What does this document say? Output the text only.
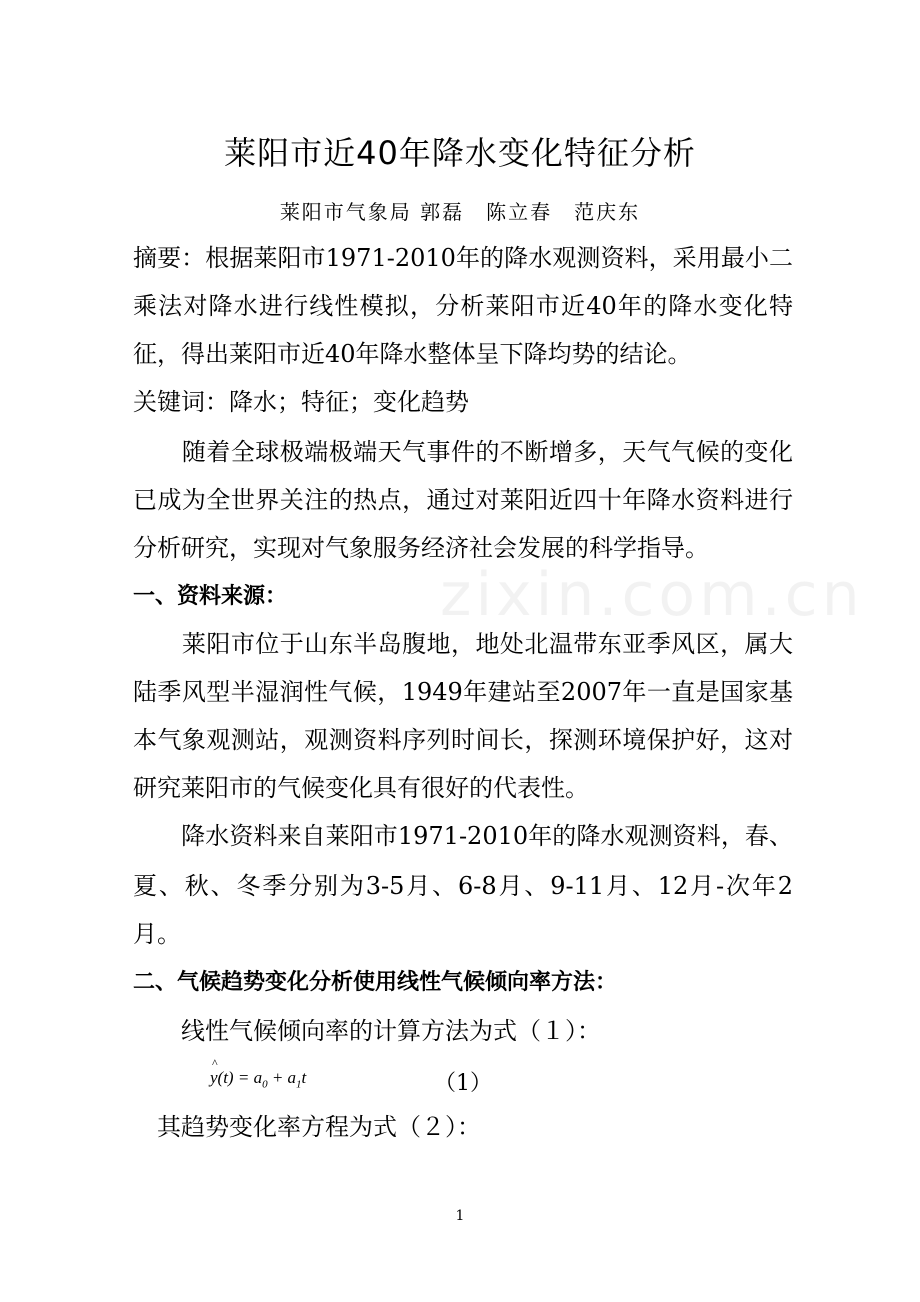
zixin.com.cn
莱阳市近40年降水变化特征分析
莱阳市气象局 郭磊　陈立春　范庆东
摘要：根据莱阳市1971-2010年的降水观测资料，采用最小二
乘法对降水进行线性模拟，分析莱阳市近40年的降水变化特
征，得出莱阳市近40年降水整体呈下降均势的结论。
关键词：降水；特征；变化趋势
　　随着全球极端极端天气事件的不断增多，天气气候的变化
已成为全世界关注的热点，通过对莱阳近四十年降水资料进行
分析研究，实现对气象服务经济社会发展的科学指导。
一、资料来源：
　　莱阳市位于山东半岛腹地，地处北温带东亚季风区，属大
陆季风型半湿润性气候，1949年建站至2007年一直是国家基
本气象观测站，观测资料序列时间长，探测环境保护好，这对
研究莱阳市的气候变化具有很好的代表性。
　　降水资料来自莱阳市1971-2010年的降水观测资料，春、
夏、秋、冬季分别为3-5月、6-8月、9-11月、12月-次年2
月。
二、气候趋势变化分析使用线性气候倾向率方法：
　　线性气候倾向率的计算方法为式（１）：
^
$y(t) = a_0 + a_1t$	（1）
　其趋势变化率方程为式（２）：
1
